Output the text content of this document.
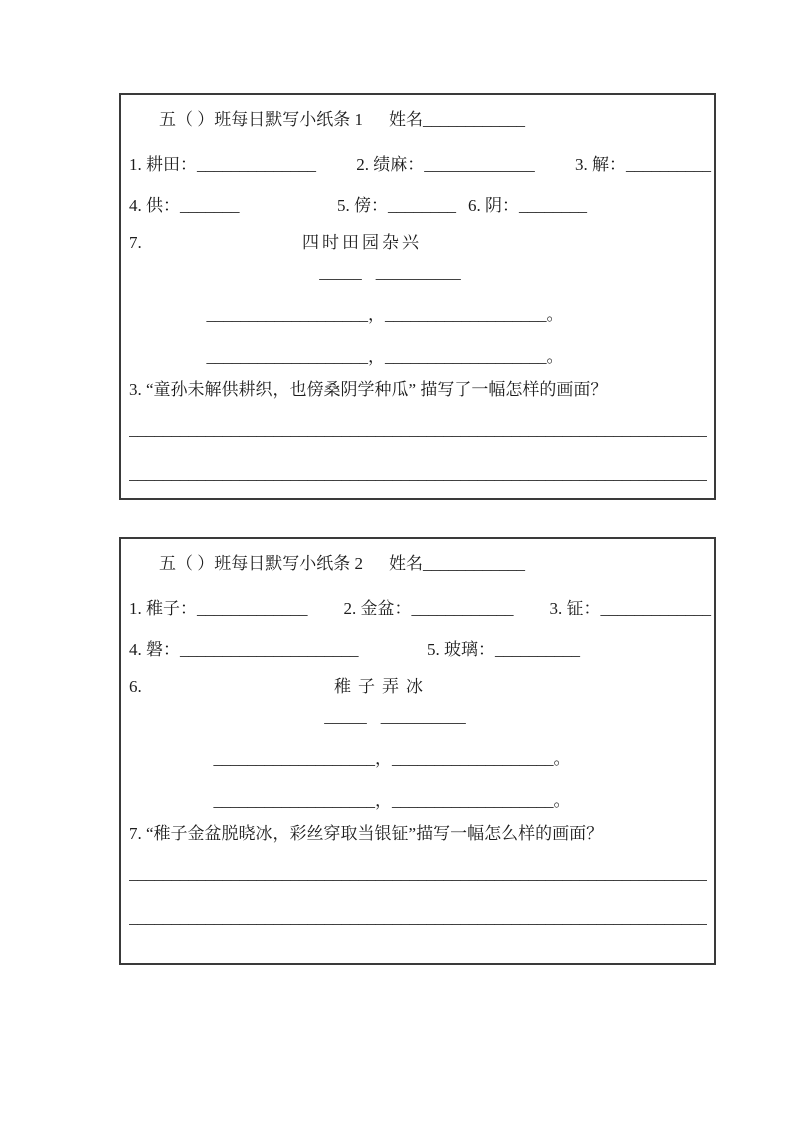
五（ ）班每日默写小纸条 1 姓名____________
1. 耕田：______________ 2. 绩麻：_____________ 3. 解：__________
4. 供：_______	5. 傍：________ 6. 阴：________
7.	四时田园杂兴
_____ __________
___________________，___________________。
___________________，___________________。
3. “童孙未解供耕织，也傍桑阴学种瓜” 描写了一幅怎样的画面？
____________________________________________________________________
____________________________________________________________________
五（ ）班每日默写小纸条 2 姓名____________
1. 稚子：_____________ 2. 金盆：____________ 3. 钲：_____________
4. 磐：_____________________	5. 玻璃：__________
6.	稚子弄冰
_____ __________
___________________，___________________。
___________________，___________________。
7. “稚子金盆脱晓冰，彩丝穿取当银钲”描写一幅怎么样的画面？
____________________________________________________________________
____________________________________________________________________
